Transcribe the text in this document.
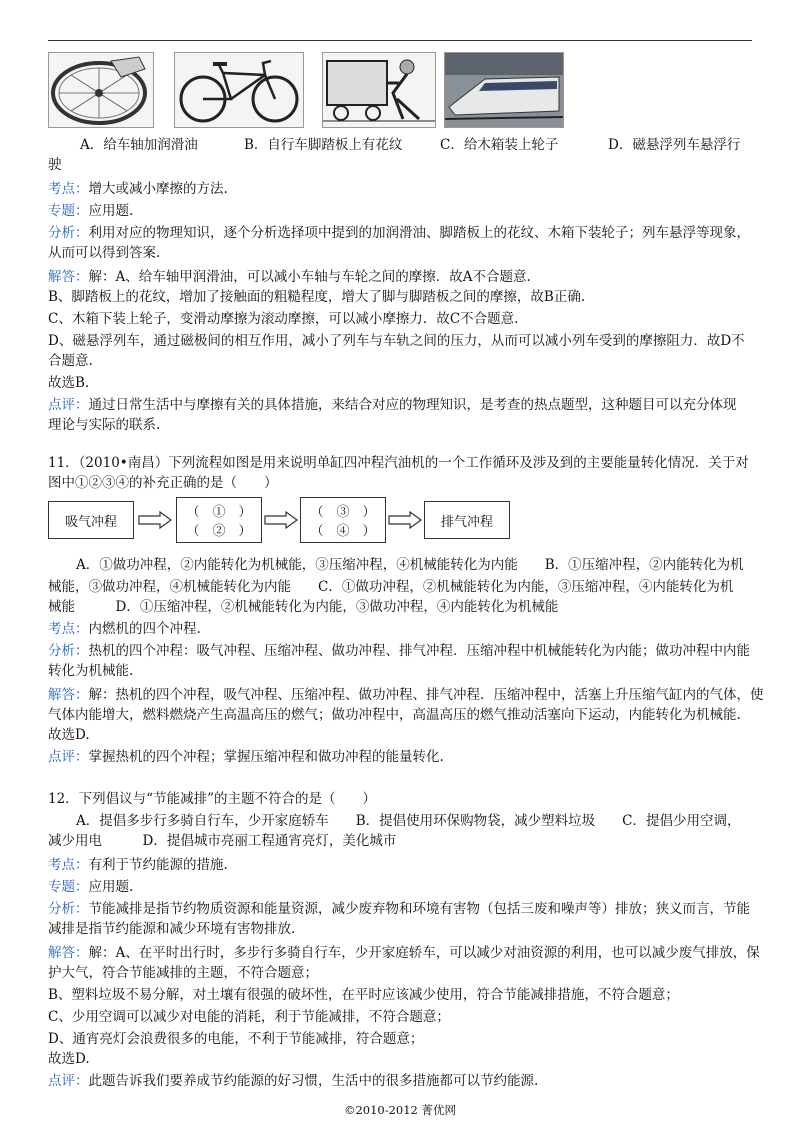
A．给车轴加润滑油	B．自行车脚踏板上有花纹	C．给木箱装上轮子	D．磁悬浮列车悬浮行
驶
考点：增大或减小摩擦的方法.
专题：应用题.
分析：利用对应的物理知识，逐个分析选择项中提到的加润滑油、脚踏板上的花纹、木箱下装轮子；列车悬浮等现象，
从而可以得到答案.
解答：解：A、给车轴甲润滑油，可以减小车轴与车轮之间的摩擦．故A不合题意.
B、脚踏板上的花纹，增加了接触面的粗糙程度，增大了脚与脚踏板之间的摩擦，故B正确.
C、木箱下装上轮子，变滑动摩擦为滚动摩擦，可以减小摩擦力．故C不合题意.
D、磁悬浮列车，通过磁极间的相互作用，减小了列车与车轨之间的压力，从而可以减小列车受到的摩擦阻力．故D不
合题意.
故选B.
点评：通过日常生活中与摩擦有关的具体措施，来结合对应的物理知识，是考查的热点题型，这种题目可以充分体现
理论与实际的联系.
11．（2010•南昌）下列流程如图是用来说明单缸四冲程汽油机的一个工作循环及涉及到的主要能量转化情况．关于对
图中①②③④的补充正确的是（　　）
吸气冲程
（　①　）
（　②　）
（　③　）
（　④　）
排气冲程
A．①做功冲程，②内能转化为机械能，③压缩冲程，④机械能转化为内能　　B．①压缩冲程，②内能转化为机
械能，③做功冲程，④机械能转化为内能　　C．①做功冲程，②机械能转化为内能，③压缩冲程，④内能转化为机
械能　　　D．①压缩冲程，②机械能转化为内能，③做功冲程，④内能转化为机械能
考点：内燃机的四个冲程.
分析：热机的四个冲程：吸气冲程、压缩冲程、做功冲程、排气冲程．压缩冲程中机械能转化为内能；做功冲程中内能
转化为机械能.
解答：解：热机的四个冲程，吸气冲程、压缩冲程、做功冲程、排气冲程．压缩冲程中，活塞上升压缩气缸内的气体，使
气体内能增大，燃料燃烧产生高温高压的燃气；做功冲程中，高温高压的燃气推动活塞向下运动，内能转化为机械能.
故选D.
点评：掌握热机的四个冲程；掌握压缩冲程和做功冲程的能量转化.
12．下列倡议与“节能减排”的主题不符合的是（　　）
A．提倡多步行多骑自行车，少开家庭轿车　　B．提倡使用环保购物袋，减少塑料垃圾　　C．提倡少用空调，
减少用电　　　D．提倡城市亮丽工程通宵亮灯，美化城市
考点：有利于节约能源的措施.
专题：应用题.
分析：节能减排是指节约物质资源和能量资源，减少废弃物和环境有害物（包括三废和噪声等）排放；狭义而言，节能
减排是指节约能源和减少环境有害物排放.
解答：解：A、在平时出行时，多步行多骑自行车，少开家庭轿车，可以减少对油资源的利用，也可以减少废气排放，保
护大气，符合节能减排的主题，不符合题意；
B、塑料垃圾不易分解，对土壤有很强的破坏性，在平时应该减少使用，符合节能减排措施，不符合题意；
C、少用空调可以减少对电能的消耗，利于节能减排，不符合题意；
D、通宵亮灯会浪费很多的电能，不利于节能减排，符合题意；
故选D.
点评：此题告诉我们要养成节约能源的好习惯，生活中的很多措施都可以节约能源.
©2010-2012 菁优网
